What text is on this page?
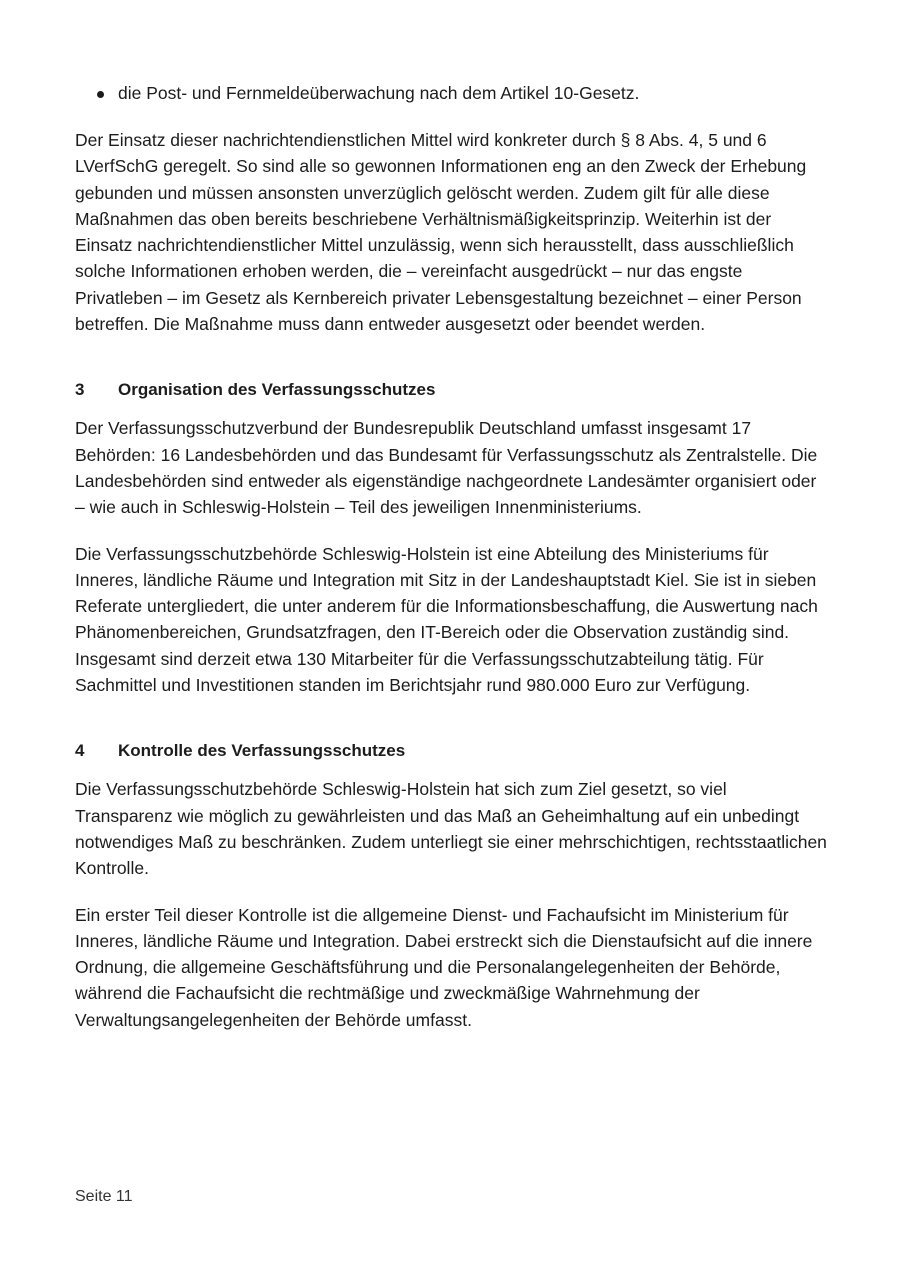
die Post- und Fernmeldeüberwachung nach dem Artikel 10-Gesetz.

Der Einsatz dieser nachrichtendienstlichen Mittel wird konkreter durch § 8 Abs. 4, 5 und 6 LVerfSchG geregelt. So sind alle so gewonnen Informationen eng an den Zweck der Erhebung gebunden und müssen ansonsten unverzüglich gelöscht werden. Zudem gilt für alle diese Maßnahmen das oben bereits beschriebene Verhältnismäßigkeitsprinzip. Weiterhin ist der Einsatz nachrichtendienstlicher Mittel unzulässig, wenn sich herausstellt, dass ausschließlich solche Informationen erhoben werden, die – vereinfacht ausgedrückt – nur das engste Privatleben – im Gesetz als Kernbereich privater Lebensgestaltung bezeichnet – einer Person betreffen. Die Maßnahme muss dann entweder ausgesetzt oder beendet werden.

3	Organisation des Verfassungsschutzes

Der Verfassungsschutzverbund der Bundesrepublik Deutschland umfasst insgesamt 17 Behörden: 16 Landesbehörden und das Bundesamt für Verfassungsschutz als Zentralstelle. Die Landesbehörden sind entweder als eigenständige nachgeordnete Landesämter organisiert oder – wie auch in Schleswig-Holstein – Teil des jeweiligen Innenministeriums.

Die Verfassungsschutzbehörde Schleswig-Holstein ist eine Abteilung des Ministeriums für Inneres, ländliche Räume und Integration mit Sitz in der Landeshauptstadt Kiel. Sie ist in sieben Referate untergliedert, die unter anderem für die Informationsbeschaffung, die Auswertung nach Phänomenbereichen, Grundsatzfragen, den IT-Bereich oder die Observation zuständig sind. Insgesamt sind derzeit etwa 130 Mitarbeiter für die Verfassungsschutzabteilung tätig. Für Sachmittel und Investitionen standen im Berichtsjahr rund 980.000 Euro zur Verfügung.

4	Kontrolle des Verfassungsschutzes

Die Verfassungsschutzbehörde Schleswig-Holstein hat sich zum Ziel gesetzt, so viel Transparenz wie möglich zu gewährleisten und das Maß an Geheimhaltung auf ein unbedingt notwendiges Maß zu beschränken. Zudem unterliegt sie einer mehrschichtigen, rechtsstaatlichen Kontrolle.

Ein erster Teil dieser Kontrolle ist die allgemeine Dienst- und Fachaufsicht im Ministerium für Inneres, ländliche Räume und Integration. Dabei erstreckt sich die Dienstaufsicht auf die innere Ordnung, die allgemeine Geschäftsführung und die Personalangelegenheiten der Behörde, während die Fachaufsicht die rechtmäßige und zweckmäßige Wahrnehmung der Verwaltungsangelegenheiten der Behörde umfasst.

Seite 11
